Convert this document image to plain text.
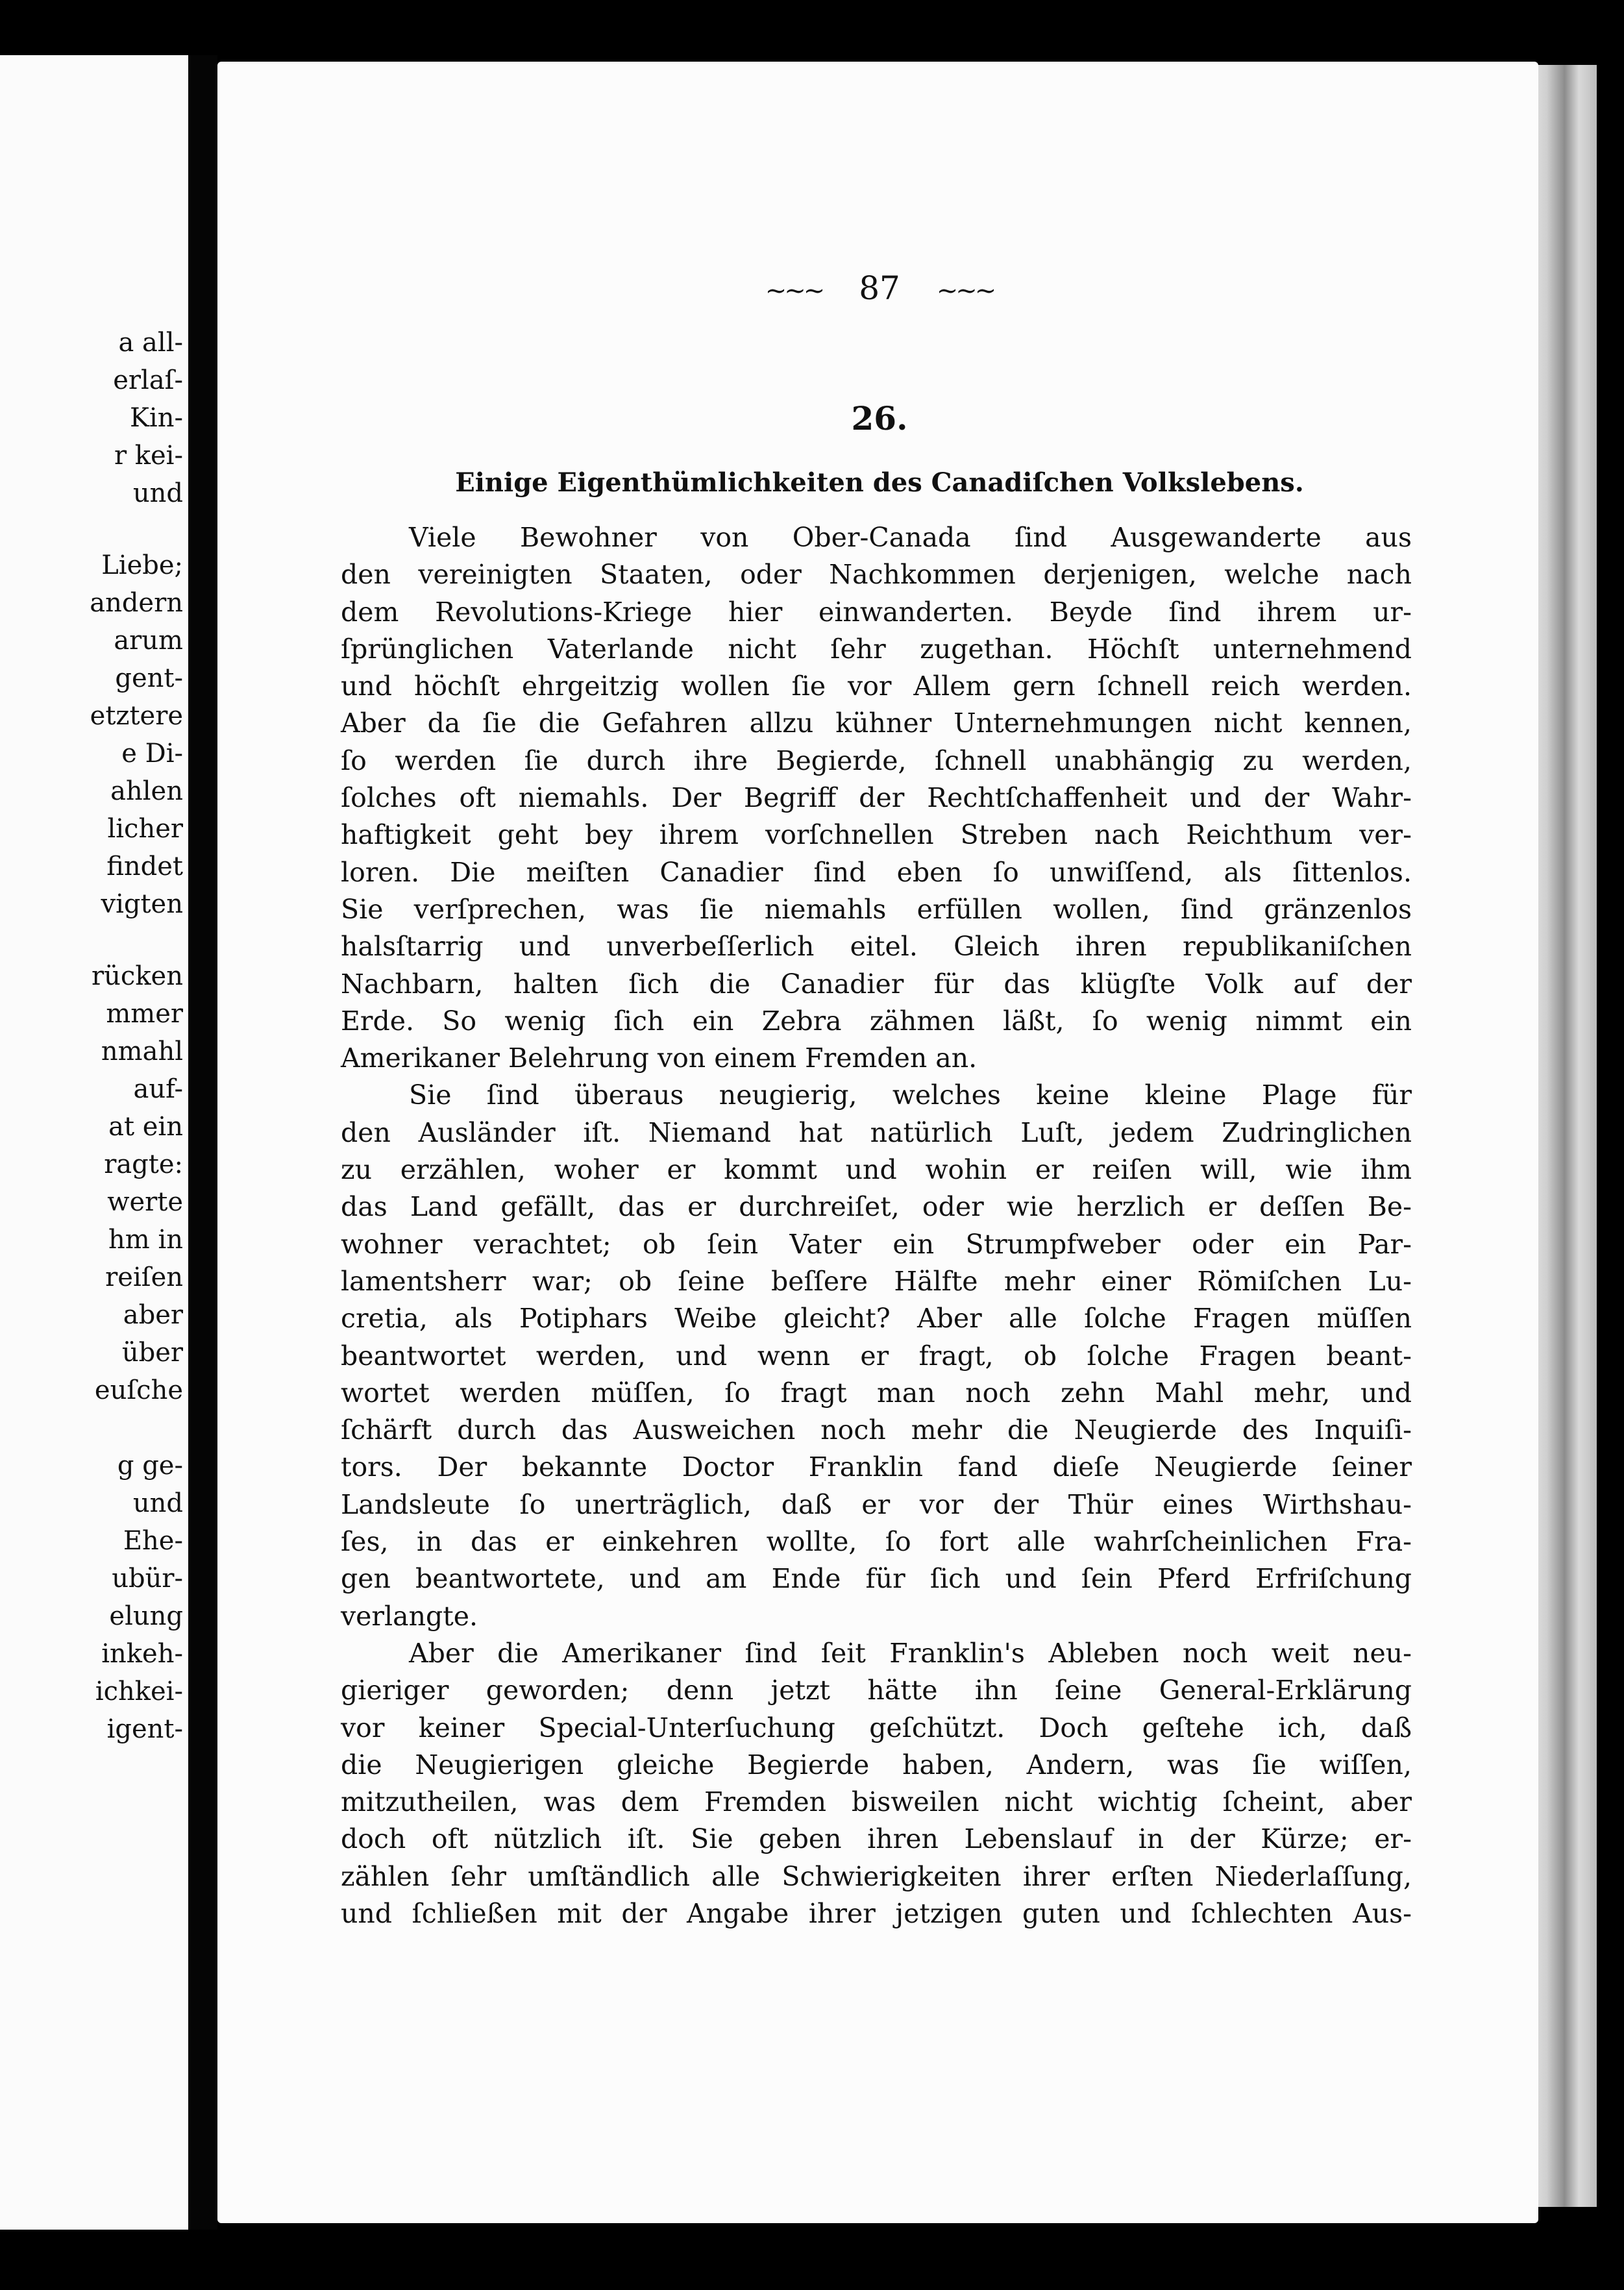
a all-
erlaſ-
Kin-
r kei-
und
Liebe;
andern
arum
gent-
etztere
e Di-
ahlen
licher
findet
vigten
rücken
mmer
nmahl
auf-
at ein
ragte:
werte
hm in
reiſen
aber
über
euſche
g ge-
und
Ehe-
ubür-
elung
inkeh-
ichkei-
igent-
~~~ 87 ~~~
26.
Einige Eigenthümlichkeiten des Canadiſchen Volkslebens.
Viele Bewohner von Ober-Canada ſind Ausgewanderte aus
den vereinigten Staaten, oder Nachkommen derjenigen, welche nach
dem Revolutions-Kriege hier einwanderten. Beyde ſind ihrem ur-
ſprünglichen Vaterlande nicht ſehr zugethan. Höchſt unternehmend
und höchſt ehrgeitzig wollen ſie vor Allem gern ſchnell reich werden.
Aber da ſie die Gefahren allzu kühner Unternehmungen nicht kennen,
ſo werden ſie durch ihre Begierde, ſchnell unabhängig zu werden,
ſolches oft niemahls. Der Begriff der Rechtſchaffenheit und der Wahr-
haftigkeit geht bey ihrem vorſchnellen Streben nach Reichthum ver-
loren. Die meiſten Canadier ſind eben ſo unwiſſend, als ſittenlos.
Sie verſprechen, was ſie niemahls erfüllen wollen, ſind gränzenlos
halsſtarrig und unverbeſſerlich eitel. Gleich ihren republikaniſchen
Nachbarn, halten ſich die Canadier für das klügſte Volk auf der
Erde. So wenig ſich ein Zebra zähmen läßt, ſo wenig nimmt ein
Amerikaner Belehrung von einem Fremden an.
Sie ſind überaus neugierig, welches keine kleine Plage für
den Ausländer iſt. Niemand hat natürlich Luſt, jedem Zudringlichen
zu erzählen, woher er kommt und wohin er reiſen will, wie ihm
das Land gefällt, das er durchreiſet, oder wie herzlich er deſſen Be-
wohner verachtet; ob ſein Vater ein Strumpfweber oder ein Par-
lamentsherr war; ob ſeine beſſere Hälfte mehr einer Römiſchen Lu-
cretia, als Potiphars Weibe gleicht? Aber alle ſolche Fragen müſſen
beantwortet werden, und wenn er fragt, ob ſolche Fragen beant-
wortet werden müſſen, ſo fragt man noch zehn Mahl mehr, und
ſchärft durch das Ausweichen noch mehr die Neugierde des Inquiſi-
tors. Der bekannte Doctor Franklin fand dieſe Neugierde ſeiner
Landsleute ſo unerträglich, daß er vor der Thür eines Wirthshau-
ſes, in das er einkehren wollte, ſo fort alle wahrſcheinlichen Fra-
gen beantwortete, und am Ende für ſich und ſein Pferd Erfriſchung
verlangte.
Aber die Amerikaner ſind ſeit Franklin's Ableben noch weit neu-
gieriger geworden; denn jetzt hätte ihn ſeine General-Erklärung
vor keiner Special-Unterſuchung geſchützt. Doch geſtehe ich, daß
die Neugierigen gleiche Begierde haben, Andern, was ſie wiſſen,
mitzutheilen, was dem Fremden bisweilen nicht wichtig ſcheint, aber
doch oft nützlich iſt. Sie geben ihren Lebenslauf in der Kürze; er-
zählen ſehr umſtändlich alle Schwierigkeiten ihrer erſten Niederlaſſung,
und ſchließen mit der Angabe ihrer jetzigen guten und ſchlechten Aus-
